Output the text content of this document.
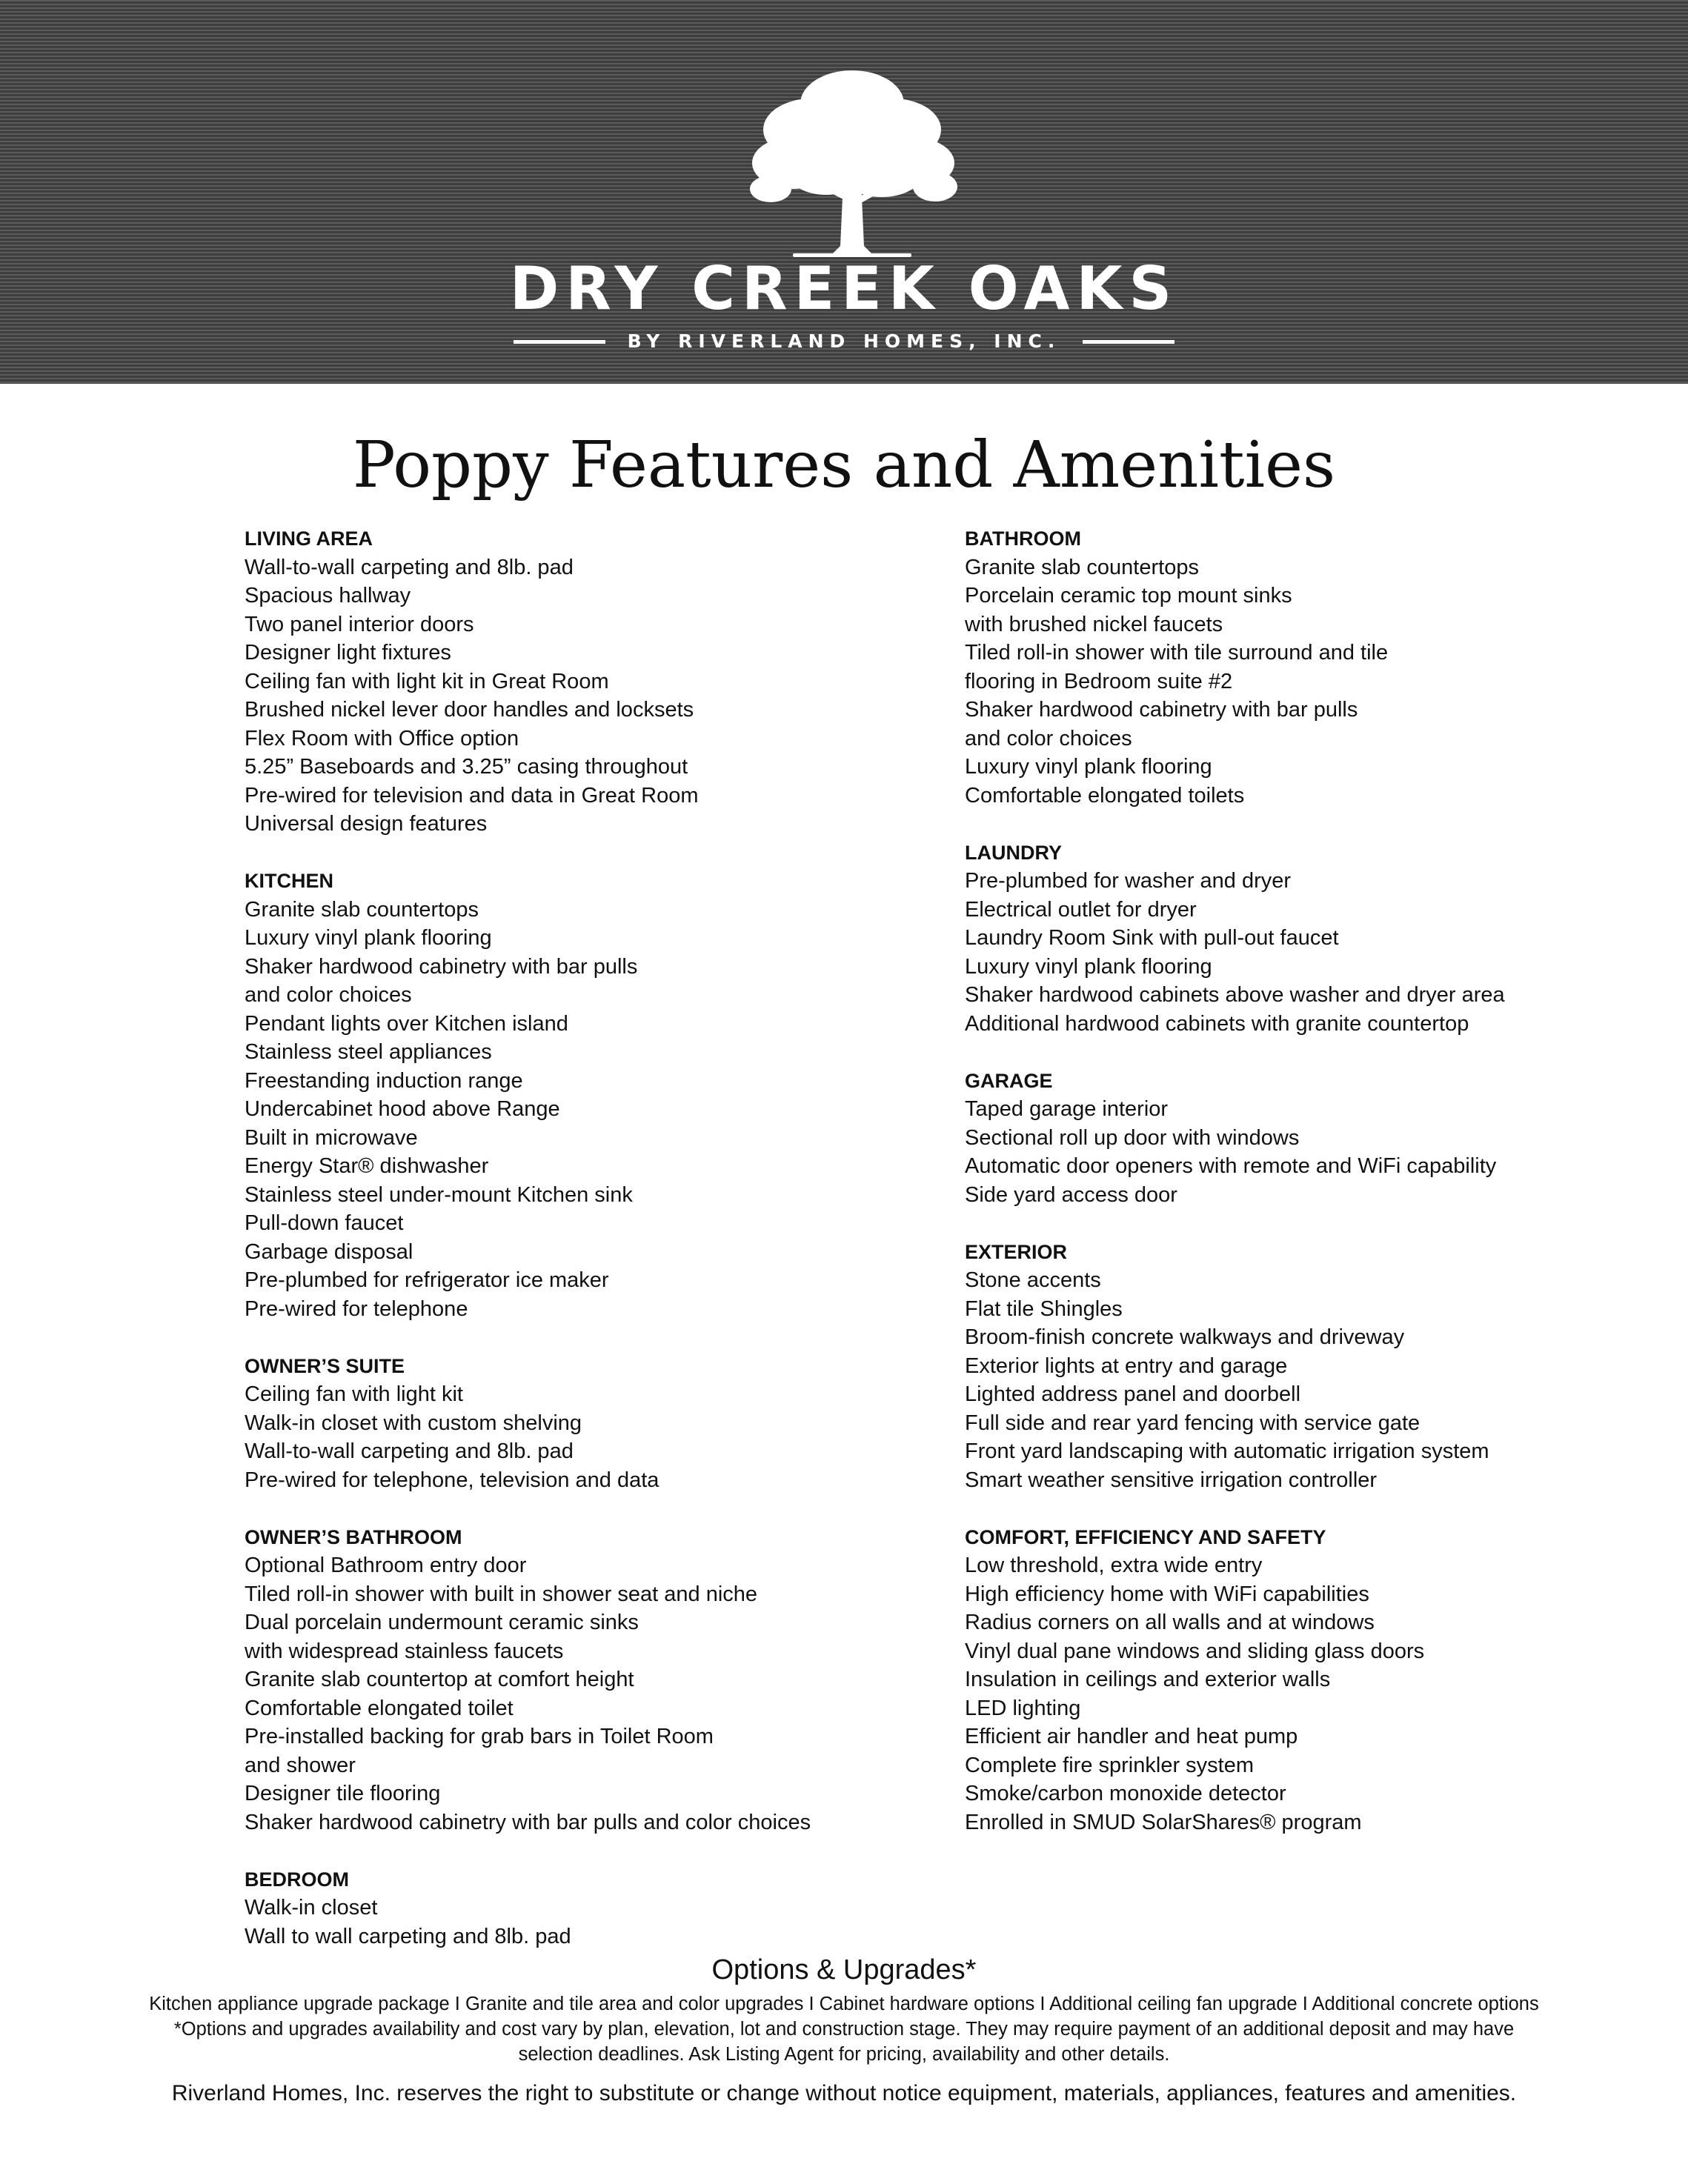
DRY CREEK OAKS
BY RIVERLAND HOMES, INC.
Poppy Features and Amenities
LIVING AREA
Wall-to-wall carpeting and 8lb. pad
Spacious hallway
Two panel interior doors
Designer light fixtures
Ceiling fan with light kit in Great Room
Brushed nickel lever door handles and locksets
Flex Room with Office option
5.25” Baseboards and 3.25” casing throughout
Pre-wired for television and data in Great Room
Universal design features
KITCHEN
Granite slab countertops
Luxury vinyl plank flooring
Shaker hardwood cabinetry with bar pulls
and color choices
Pendant lights over Kitchen island
Stainless steel appliances
Freestanding induction range
Undercabinet hood above Range
Built in microwave
Energy Star® dishwasher
Stainless steel under-mount Kitchen sink
Pull-down faucet
Garbage disposal
Pre-plumbed for refrigerator ice maker
Pre-wired for telephone
OWNER’S SUITE
Ceiling fan with light kit
Walk-in closet with custom shelving
Wall-to-wall carpeting and 8lb. pad
Pre-wired for telephone, television and data
OWNER’S BATHROOM
Optional Bathroom entry door
Tiled roll-in shower with built in shower seat and niche
Dual porcelain undermount ceramic sinks
with widespread stainless faucets
Granite slab countertop at comfort height
Comfortable elongated toilet
Pre-installed backing for grab bars in Toilet Room
and shower
Designer tile flooring
Shaker hardwood cabinetry with bar pulls and color choices
BEDROOM
Walk-in closet
Wall to wall carpeting and 8lb. pad
BATHROOM
Granite slab countertops
Porcelain ceramic top mount sinks
with brushed nickel faucets
Tiled roll-in shower with tile surround and tile
flooring in Bedroom suite #2
Shaker hardwood cabinetry with bar pulls
and color choices
Luxury vinyl plank flooring
Comfortable elongated toilets
LAUNDRY
Pre-plumbed for washer and dryer
Electrical outlet for dryer
Laundry Room Sink with pull-out faucet
Luxury vinyl plank flooring
Shaker hardwood cabinets above washer and dryer area
Additional hardwood cabinets with granite countertop
GARAGE
Taped garage interior
Sectional roll up door with windows
Automatic door openers with remote and WiFi capability
Side yard access door
EXTERIOR
Stone accents
Flat tile Shingles
Broom-finish concrete walkways and driveway
Exterior lights at entry and garage
Lighted address panel and doorbell
Full side and rear yard fencing with service gate
Front yard landscaping with automatic irrigation system
Smart weather sensitive irrigation controller
COMFORT, EFFICIENCY AND SAFETY
Low threshold, extra wide entry
High efficiency home with WiFi capabilities
Radius corners on all walls and at windows
Vinyl dual pane windows and sliding glass doors
Insulation in ceilings and exterior walls
LED lighting
Efficient air handler and heat pump
Complete fire sprinkler system
Smoke/carbon monoxide detector
Enrolled in SMUD SolarShares® program
Options & Upgrades*
Kitchen appliance upgrade package I Granite and tile area and color upgrades I Cabinet hardware options I Additional ceiling fan upgrade I Additional concrete options
*Options and upgrades availability and cost vary by plan, elevation, lot and construction stage. They may require payment of an additional deposit and may have selection deadlines. Ask Listing Agent for pricing, availability and other details.
Riverland Homes, Inc. reserves the right to substitute or change without notice equipment, materials, appliances, features and amenities.
